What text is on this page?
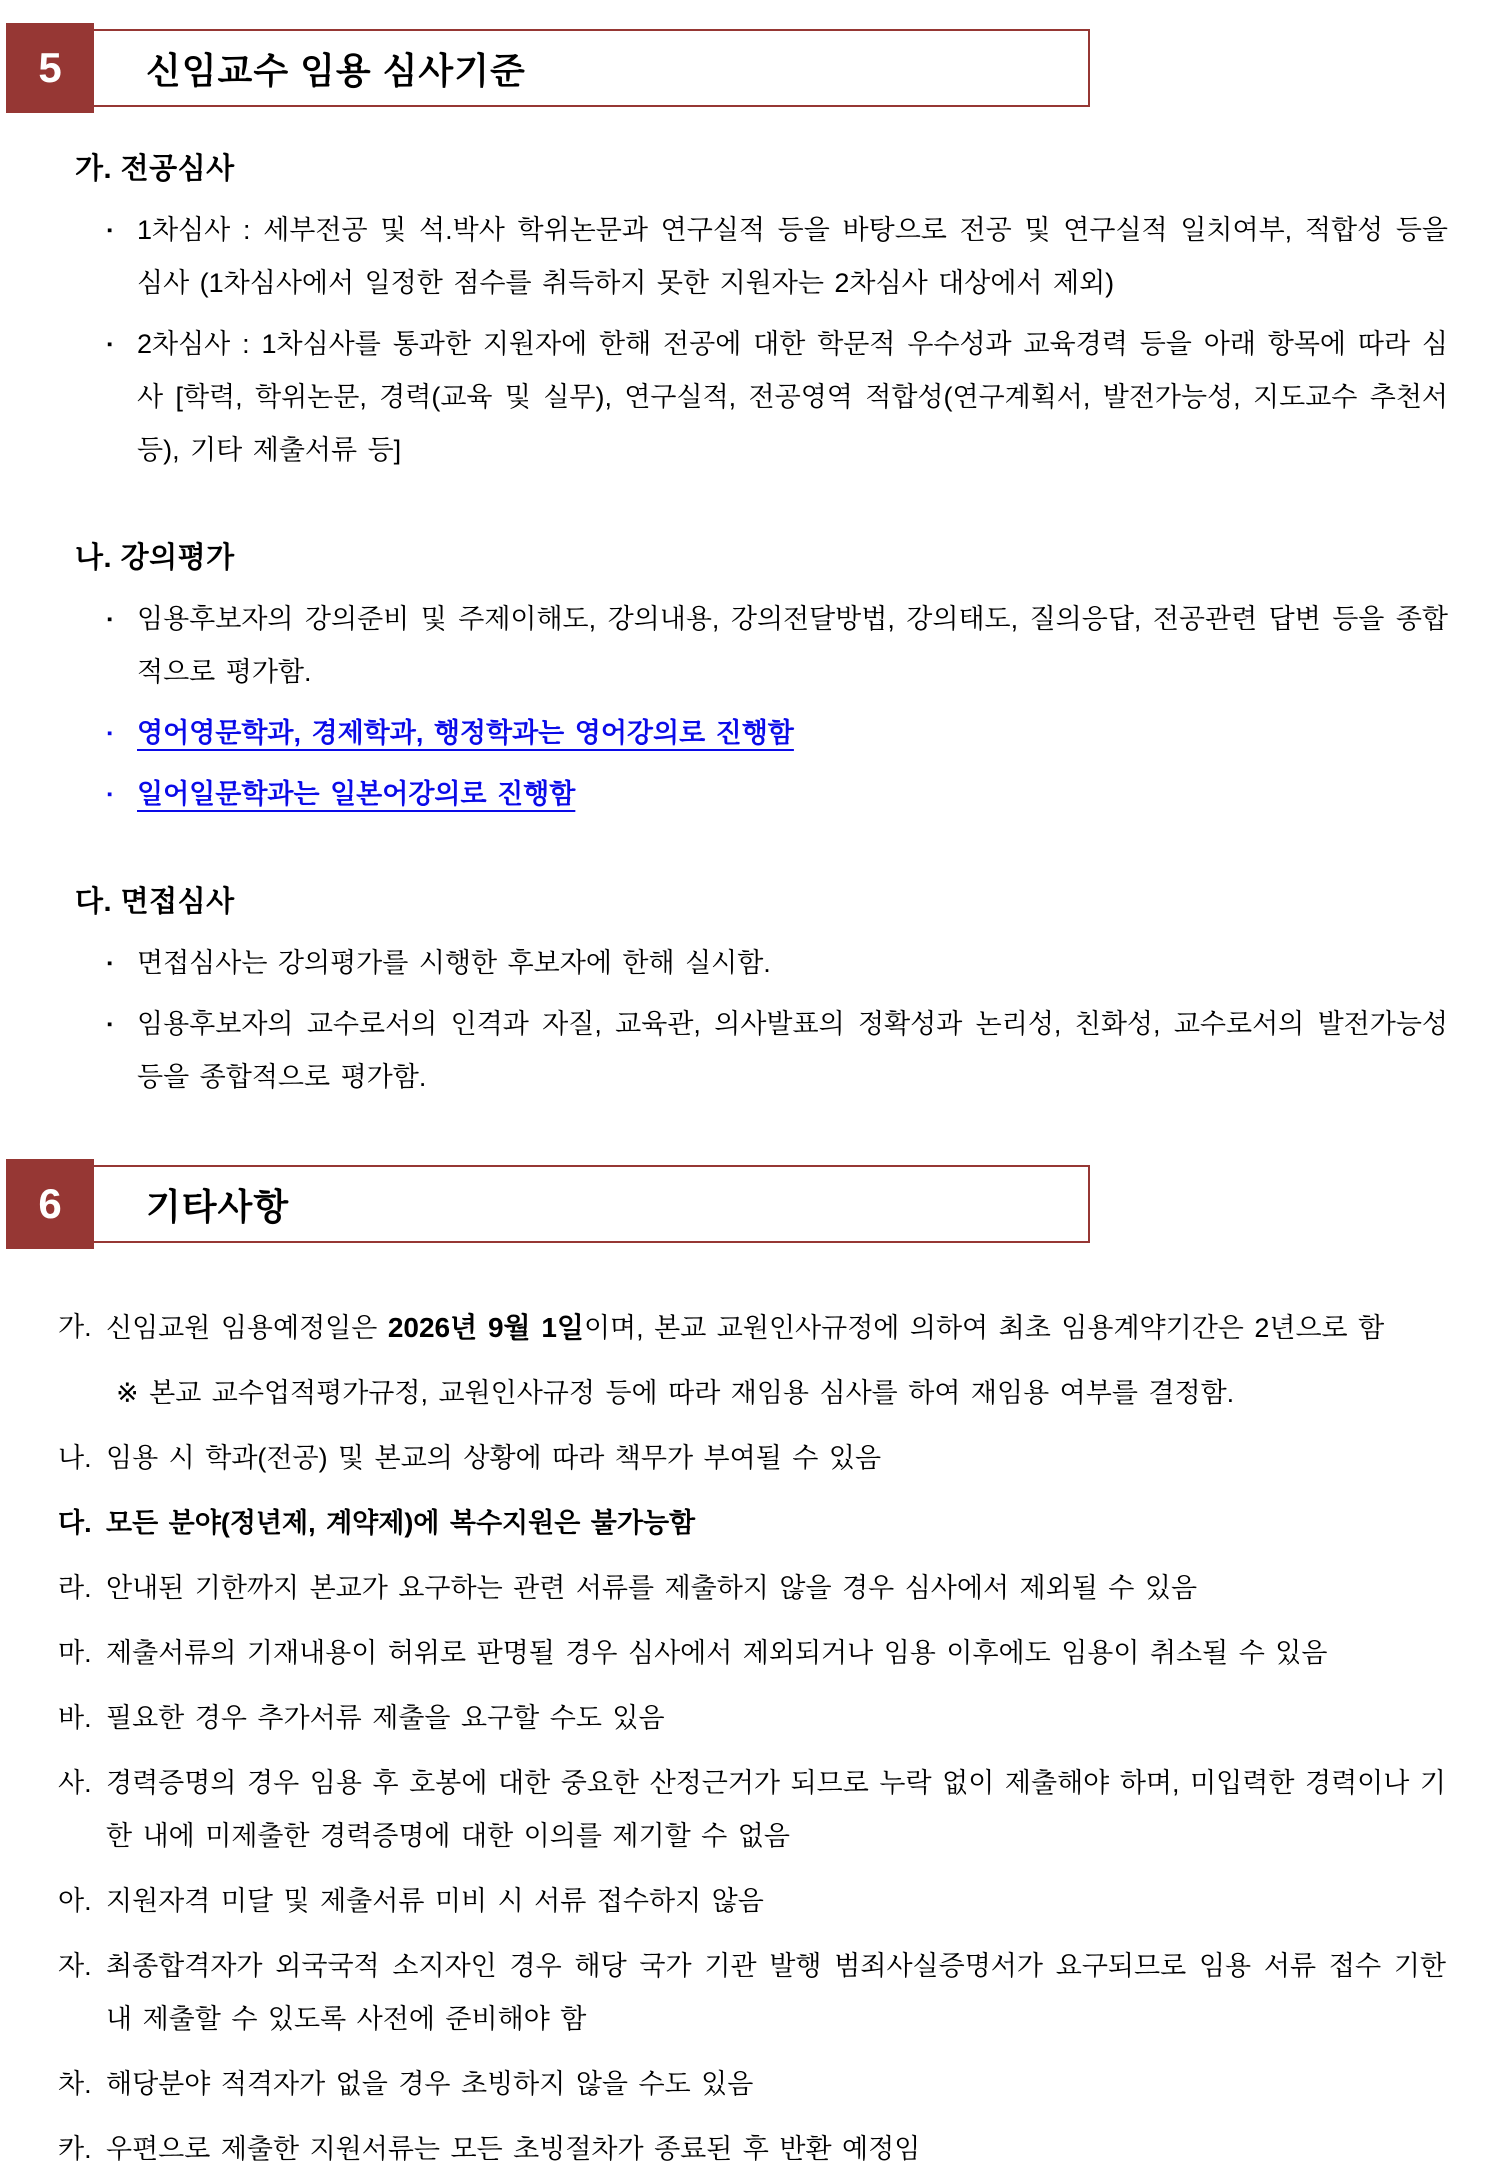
5	신임교수 임용 심사기준
가. 전공심사
▪ 1차심사 : 세부전공 및 석.박사 학위논문과 연구실적 등을 바탕으로 전공 및 연구실적 일치여부, 적합성 등을 심사 (1차심사에서 일정한 점수를 취득하지 못한 지원자는 2차심사 대상에서 제외)
▪ 2차심사 : 1차심사를 통과한 지원자에 한해 전공에 대한 학문적 우수성과 교육경력 등을 아래 항목에 따라 심사 [학력, 학위논문, 경력(교육 및 실무), 연구실적, 전공영역 적합성(연구계획서, 발전가능성, 지도교수 추천서 등), 기타 제출서류 등]
나. 강의평가
▪ 임용후보자의 강의준비 및 주제이해도, 강의내용, 강의전달방법, 강의태도, 질의응답, 전공관련 답변 등을 종합적으로 평가함.
▪ 영어영문학과, 경제학과, 행정학과는 영어강의로 진행함
▪ 일어일문학과는 일본어강의로 진행함
다. 면접심사
▪ 면접심사는 강의평가를 시행한 후보자에 한해 실시함.
▪ 임용후보자의 교수로서의 인격과 자질, 교육관, 의사발표의 정확성과 논리성, 친화성, 교수로서의 발전가능성 등을 종합적으로 평가함.
6	기타사항
가. 신임교원 임용예정일은 2026년 9월 1일이며, 본교 교원인사규정에 의하여 최초 임용계약기간은 2년으로 함
※ 본교 교수업적평가규정, 교원인사규정 등에 따라 재임용 심사를 하여 재임용 여부를 결정함.
나. 임용 시 학과(전공) 및 본교의 상황에 따라 책무가 부여될 수 있음
다. 모든 분야(정년제, 계약제)에 복수지원은 불가능함
라. 안내된 기한까지 본교가 요구하는 관련 서류를 제출하지 않을 경우 심사에서 제외될 수 있음
마. 제출서류의 기재내용이 허위로 판명될 경우 심사에서 제외되거나 임용 이후에도 임용이 취소될 수 있음
바. 필요한 경우 추가서류 제출을 요구할 수도 있음
사. 경력증명의 경우 임용 후 호봉에 대한 중요한 산정근거가 되므로 누락 없이 제출해야 하며, 미입력한 경력이나 기한 내에 미제출한 경력증명에 대한 이의를 제기할 수 없음
아. 지원자격 미달 및 제출서류 미비 시 서류 접수하지 않음
자. 최종합격자가 외국국적 소지자인 경우 해당 국가 기관 발행 범죄사실증명서가 요구되므로 임용 서류 접수 기한 내 제출할 수 있도록 사전에 준비해야 함
차. 해당분야 적격자가 없을 경우 초빙하지 않을 수도 있음
카. 우편으로 제출한 지원서류는 모든 초빙절차가 종료된 후 반환 예정임
